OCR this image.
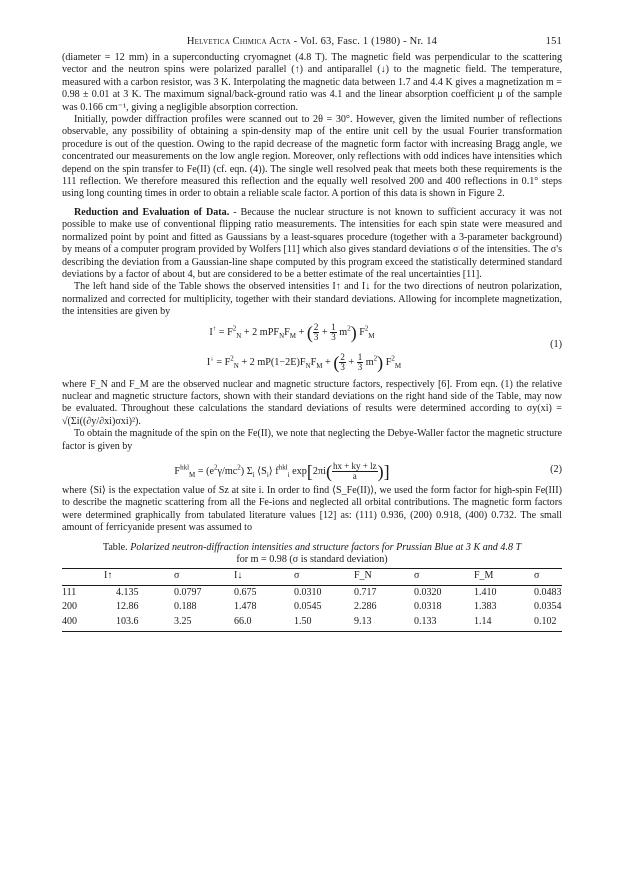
Helvetica Chimica Acta - Vol. 63, Fasc. 1 (1980) - Nr. 14	151

(diameter = 12 mm) in a superconducting cryomagnet (4.8 T). The magnetic field was perpendicular to the scattering vector and the neutron spins were polarized parallel (↑) and antiparallel (↓) to the magnetic field. The temperature, measured with a carbon resistor, was 3 K. Interpolating the magnetic data between 1.7 and 4.4 K gives a magnetization m = 0.98 ± 0.01 at 3 K. The maximum signal/back-ground ratio was 4.1 and the linear absorption coefficient μ of the sample was 0.166 cm⁻¹, giving a negligible absorption correction.

Initially, powder diffraction profiles were scanned out to 2θ = 30°. However, given the limited number of reflections observable, any possibility of obtaining a spin-density map of the entire unit cell by the usual Fourier transformation procedure is out of the question. Owing to the rapid decrease of the magnetic form factor with increasing Bragg angle, we concentrated our measurements on the low angle region. Moreover, only reflections with odd indices have intensities which depend on the spin transfer to Fe(II) (cf. eqn. (4)). The single well resolved peak that meets both these requirements is the 111 reflection. We therefore measured this reflection and the equally well resolved 200 and 400 reflections in 0.1° steps using long counting times in order to obtain a reliable scale factor. A portion of this data is shown in Figure 2.

Reduction and Evaluation of Data. - Because the nuclear structure is not known to sufficient accuracy it was not possible to make use of conventional flipping ratio measurements. The intensities for each spin state were measured and normalized point by point and fitted as Gaussians by a least-squares procedure (together with a 3-parameter background) by means of a computer program provided by Wolfers [11] which also gives standard deviations σ of the intensities. The σ's describing the deviation from a Gaussian-line shape computed by this program exceed the statistically determined standard deviations by a factor of about 4, but are considered to be a better estimate of the real uncertainties [11].

The left hand side of the Table shows the observed intensities I↑ and I↓ for the two directions of neutron polarization, normalized and corrected for multiplicity, together with their standard deviations. Allowing for incomplete magnetization, the intensities are given by

$I^↑ = F^2_N + 2$ $mPF_NF_M$ + ( $\frac{2}{3} + \frac{1}{3} m^2$) $F^2_M$
$I^↓ = F^2_N + 2$ $mP(1-2E)F_NF_M$ + ( $\frac{2}{3} + \frac{1}{3} m^2$) $F^2_M$
(1)

where F_N and F_M are the observed nuclear and magnetic structure factors, respectively [6]. From eqn. (1) the relative nuclear and magnetic structure factors, shown with their standard deviations on the right hand side of the Table, may now be evaluated. Throughout these calculations the standard deviations of results were determined according to σy(xi) = √(Σi((∂y/∂xi)σxi)²).

To obtain the magnitude of the spin on the Fe(II), we note that neglecting the Debye-Waller factor the magnetic structure factor is given by

$F^{hkl}_M = (e^2\gamma/mc^2)$ $\Sigma_i$ $⟨S_i⟩$ $f^{hkl}_i$ $\exp[2\pi i( \frac{hx + ky + lz}{a}$ )]	(2)

where ⟨Si⟩ is the expectation value of Sz at site i. In order to find ⟨S_Fe(II)⟩, we used the form factor for high-spin Fe(III) to describe the magnetic scattering from all the Fe-ions and neglected all orbital contributions. The magnetic form factors were determined graphically from tabulated literature values [12] as: (111) 0.936, (200) 0.918, (400) 0.732. The small amount of ferricyanide present was assumed to

Table. Polarized neutron-diffraction intensities and structure factors for Prussian Blue at 3 K and 4.8 T
for m = 0.98 (σ is standard deviation)
	I↑	σ	I↓	σ	F_N	σ	F_M	σ
111	4.135	0.0797	0.675	0.0310	0.717	0.0320	1.410	0.0483
200	12.86	0.188	1.478	0.0545	2.286	0.0318	1.383	0.0354
400	103.6	3.25	66.0	1.50	9.13	0.133	1.14	0.102
